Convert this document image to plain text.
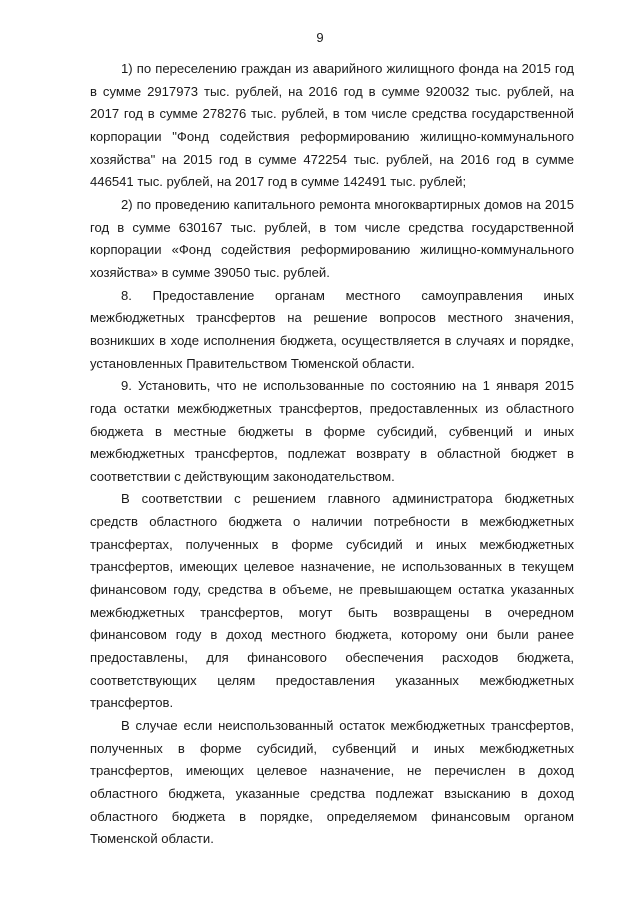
9

1) по переселению граждан из аварийного жилищного фонда на 2015 год в сумме 2917973 тыс. рублей, на 2016 год в сумме 920032 тыс. рублей, на 2017 год в сумме 278276 тыс. рублей, в том числе средства государственной корпорации "Фонд содействия реформированию жилищно-коммунального хозяйства" на 2015 год в сумме 472254 тыс. рублей, на 2016 год в сумме 446541 тыс. рублей, на 2017 год в сумме 142491 тыс. рублей;

2) по проведению капитального ремонта многоквартирных домов на 2015 год в сумме 630167 тыс. рублей, в том числе средства государственной корпорации «Фонд содействия реформированию жилищно-коммунального хозяйства» в сумме 39050 тыс. рублей.

8. Предоставление органам местного самоуправления иных межбюджетных трансфертов на решение вопросов местного значения, возникших в ходе исполнения бюджета, осуществляется в случаях и порядке, установленных Правительством Тюменской области.

9. Установить, что не использованные по состоянию на 1 января 2015 года остатки межбюджетных трансфертов, предоставленных из областного бюджета в местные бюджеты в форме субсидий, субвенций и иных межбюджетных трансфертов, подлежат возврату в областной бюджет в соответствии с действующим законодательством.

В соответствии с решением главного администратора бюджетных средств областного бюджета о наличии потребности в межбюджетных трансфертах, полученных в форме субсидий и иных межбюджетных трансфертов, имеющих целевое назначение, не использованных в текущем финансовом году, средства в объеме, не превышающем остатка указанных межбюджетных трансфертов, могут быть возвращены в очередном финансовом году в доход местного бюджета, которому они были ранее предоставлены, для финансового обеспечения расходов бюджета, соответствующих целям предоставления указанных межбюджетных трансфертов.

В случае если неиспользованный остаток межбюджетных трансфертов, полученных в форме субсидий, субвенций и иных межбюджетных трансфертов, имеющих целевое назначение, не перечислен в доход областного бюджета, указанные средства подлежат взысканию в доход областного бюджета в порядке, определяемом финансовым органом Тюменской области.
